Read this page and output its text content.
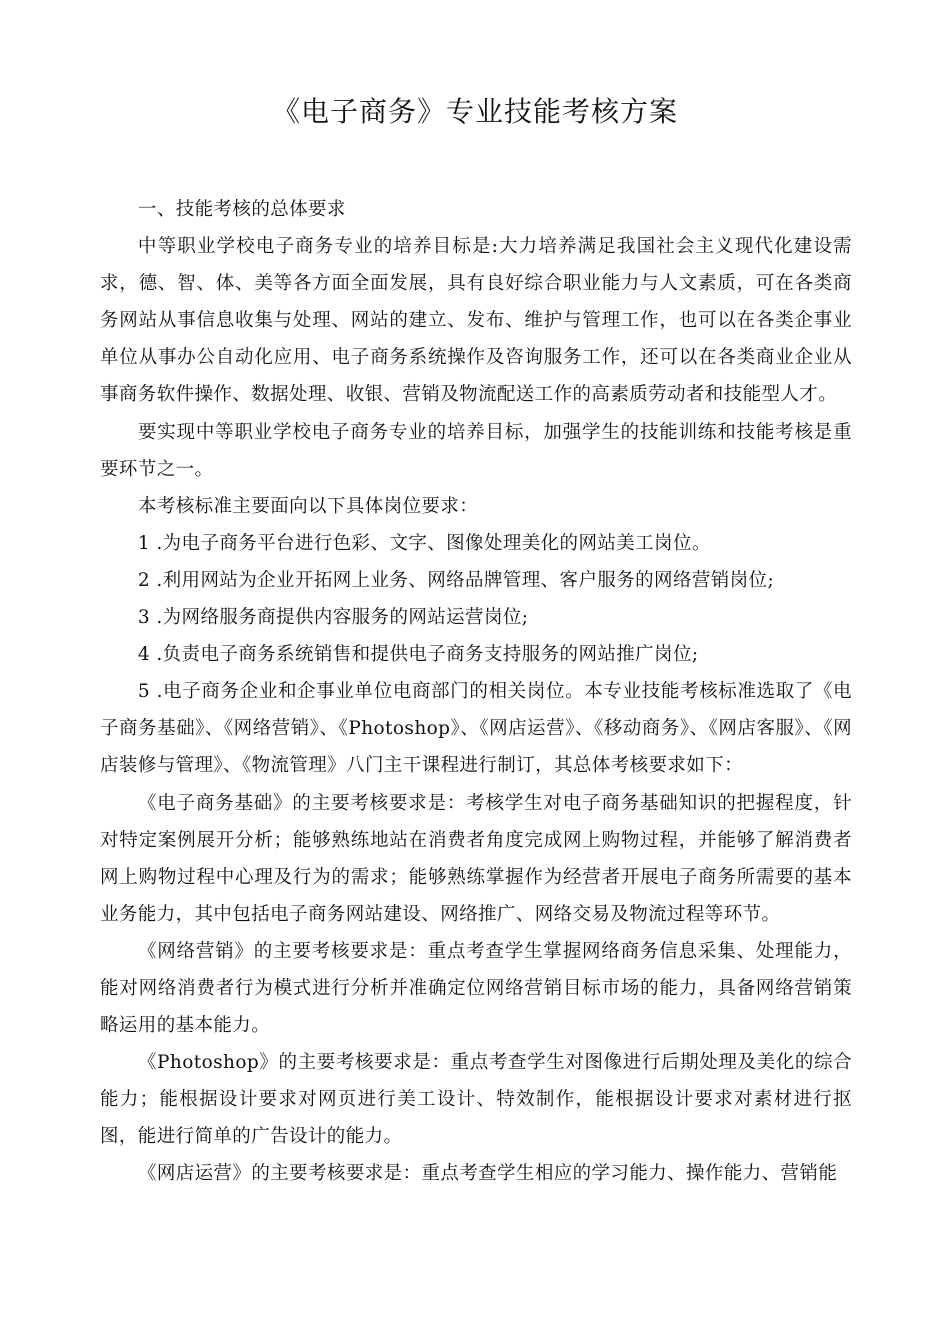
《电子商务》专业技能考核方案

一、技能考核的总体要求

中等职业学校电子商务专业的培养目标是:大力培养满足我国社会主义现代化建设需求，德、智、体、美等各方面全面发展，具有良好综合职业能力与人文素质，可在各类商务网站从事信息收集与处理、网站的建立、发布、维护与管理工作，也可以在各类企事业单位从事办公自动化应用、电子商务系统操作及咨询服务工作，还可以在各类商业企业从事商务软件操作、数据处理、收银、营销及物流配送工作的高素质劳动者和技能型人才。

要实现中等职业学校电子商务专业的培养目标，加强学生的技能训练和技能考核是重要环节之一。

本考核标准主要面向以下具体岗位要求：

1 .为电子商务平台进行色彩、文字、图像处理美化的网站美工岗位。

2 .利用网站为企业开拓网上业务、网络品牌管理、客户服务的网络营销岗位;

3 .为网络服务商提供内容服务的网站运营岗位;

4 .负责电子商务系统销售和提供电子商务支持服务的网站推广岗位;

5 .电子商务企业和企事业单位电商部门的相关岗位。本专业技能考核标准选取了《电子商务基础》、《网络营销》、《Photoshop》、《网店运营》、《移动商务》、《网店客服》、《网店装修与管理》、《物流管理》八门主干课程进行制订，其总体考核要求如下：

《电子商务基础》的主要考核要求是：考核学生对电子商务基础知识的把握程度，针对特定案例展开分析；能够熟练地站在消费者角度完成网上购物过程，并能够了解消费者网上购物过程中心理及行为的需求；能够熟练掌握作为经营者开展电子商务所需要的基本业务能力，其中包括电子商务网站建设、网络推广、网络交易及物流过程等环节。

《网络营销》的主要考核要求是：重点考查学生掌握网络商务信息采集、处理能力，能对网络消费者行为模式进行分析并准确定位网络营销目标市场的能力，具备网络营销策略运用的基本能力。

《Photoshop》的主要考核要求是：重点考查学生对图像进行后期处理及美化的综合能力；能根据设计要求对网页进行美工设计、特效制作，能根据设计要求对素材进行抠图，能进行简单的广告设计的能力。

《网店运营》的主要考核要求是：重点考查学生相应的学习能力、操作能力、营销能
